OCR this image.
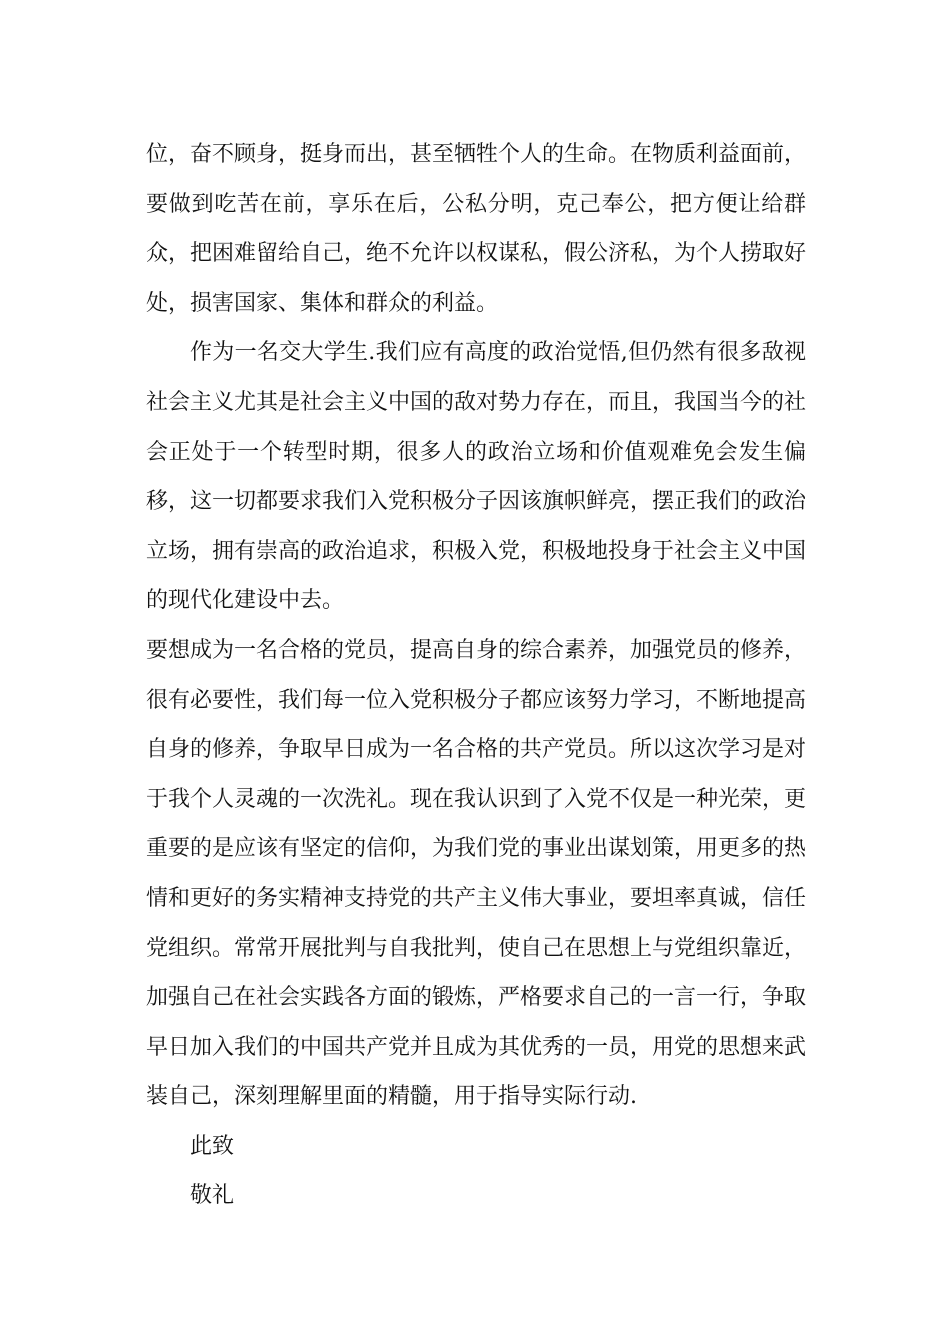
位，奋不顾身，挺身而出，甚至牺牲个人的生命。在物质利益面前，要做到吃苦在前，享乐在后，公私分明，克己奉公，把方便让给群众，把困难留给自己，绝不允许以权谋私，假公济私，为个人捞取好处，损害国家、集体和群众的利益。

作为一名交大学生.我们应有高度的政治觉悟,但仍然有很多敌视社会主义尤其是社会主义中国的敌对势力存在，而且，我国当今的社会正处于一个转型时期，很多人的政治立场和价值观难免会发生偏移，这一切都要求我们入党积极分子因该旗帜鲜亮，摆正我们的政治立场，拥有崇高的政治追求，积极入党，积极地投身于社会主义中国的现代化建设中去。

要想成为一名合格的党员，提高自身的综合素养，加强党员的修养，很有必要性，我们每一位入党积极分子都应该努力学习，不断地提高自身的修养，争取早日成为一名合格的共产党员。所以这次学习是对于我个人灵魂的一次洗礼。现在我认识到了入党不仅是一种光荣，更重要的是应该有坚定的信仰，为我们党的事业出谋划策，用更多的热情和更好的务实精神支持党的共产主义伟大事业，要坦率真诚，信任党组织。常常开展批判与自我批判，使自己在思想上与党组织靠近，加强自己在社会实践各方面的锻炼，严格要求自己的一言一行，争取早日加入我们的中国共产党并且成为其优秀的一员，用党的思想来武装自己，深刻理解里面的精髓，用于指导实际行动.

此致

敬礼
